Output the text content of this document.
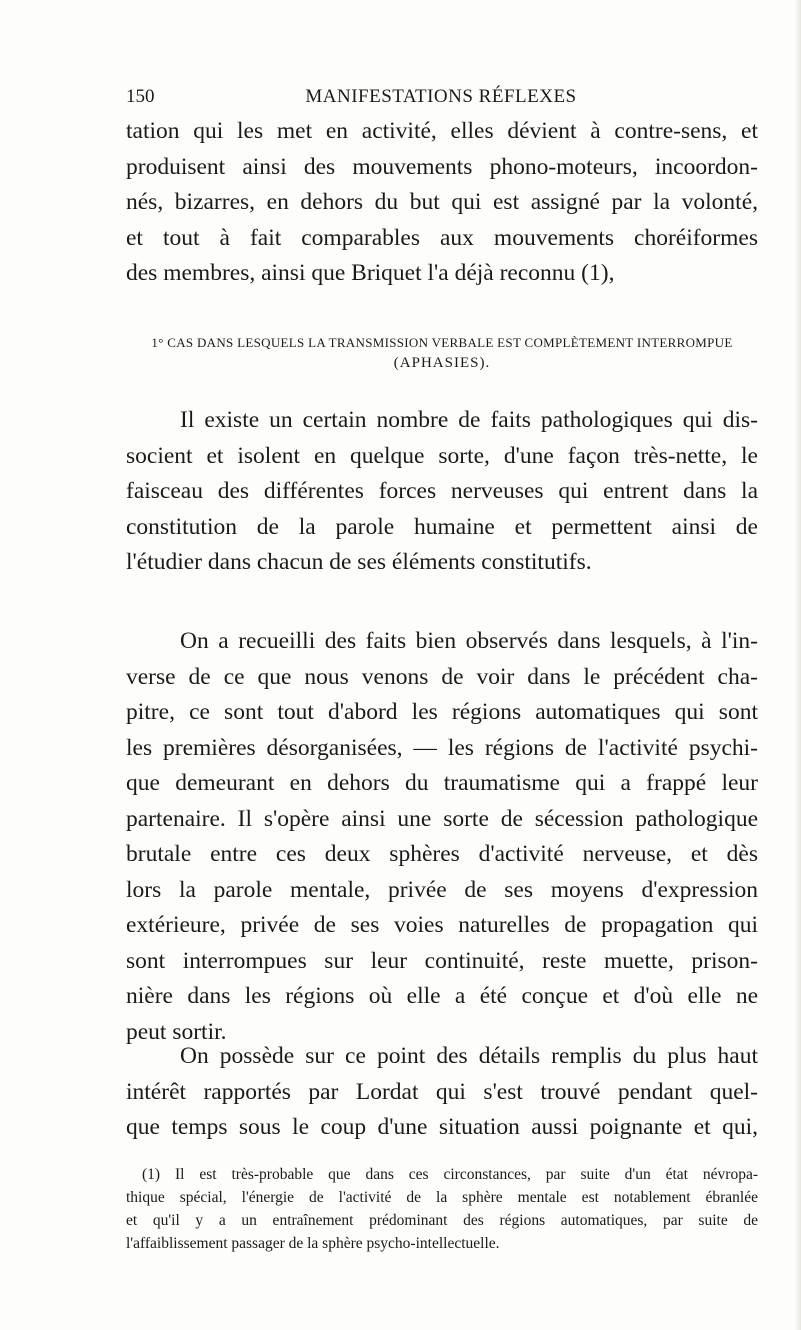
150	MANIFESTATIONS RÉFLEXES
tation qui les met en activité, elles dévient à contre-sens, et
produisent ainsi des mouvements phono-moteurs, incoordon-
nés, bizarres, en dehors du but qui est assigné par la volonté,
et tout à fait comparables aux mouvements choréiformes
des membres, ainsi que Briquet l'a déjà reconnu (1),
1° CAS DANS LESQUELS LA TRANSMISSION VERBALE EST COMPLÈTEMENT INTERROMPUE
(APHASIES).
Il existe un certain nombre de faits pathologiques qui dis-
socient et isolent en quelque sorte, d'une façon très-nette, le
faisceau des différentes forces nerveuses qui entrent dans la
constitution de la parole humaine et permettent ainsi de
l'étudier dans chacun de ses éléments constitutifs.
On a recueilli des faits bien observés dans lesquels, à l'in-
verse de ce que nous venons de voir dans le précédent cha-
pitre, ce sont tout d'abord les régions automatiques qui sont
les premières désorganisées, — les régions de l'activité psychi-
que demeurant en dehors du traumatisme qui a frappé leur
partenaire. Il s'opère ainsi une sorte de sécession pathologique
brutale entre ces deux sphères d'activité nerveuse, et dès
lors la parole mentale, privée de ses moyens d'expression
extérieure, privée de ses voies naturelles de propagation qui
sont interrompues sur leur continuité, reste muette, prison-
nière dans les régions où elle a été conçue et d'où elle ne
peut sortir.
On possède sur ce point des détails remplis du plus haut
intérêt rapportés par Lordat qui s'est trouvé pendant quel-
que temps sous le coup d'une situation aussi poignante et qui,
(1) Il est très-probable que dans ces circonstances, par suite d'un état névropa-
thique spécial, l'énergie de l'activité de la sphère mentale est notablement ébranlée
et qu'il y a un entraînement prédominant des régions automatiques, par suite de
l'affaiblissement passager de la sphère psycho-intellectuelle.
